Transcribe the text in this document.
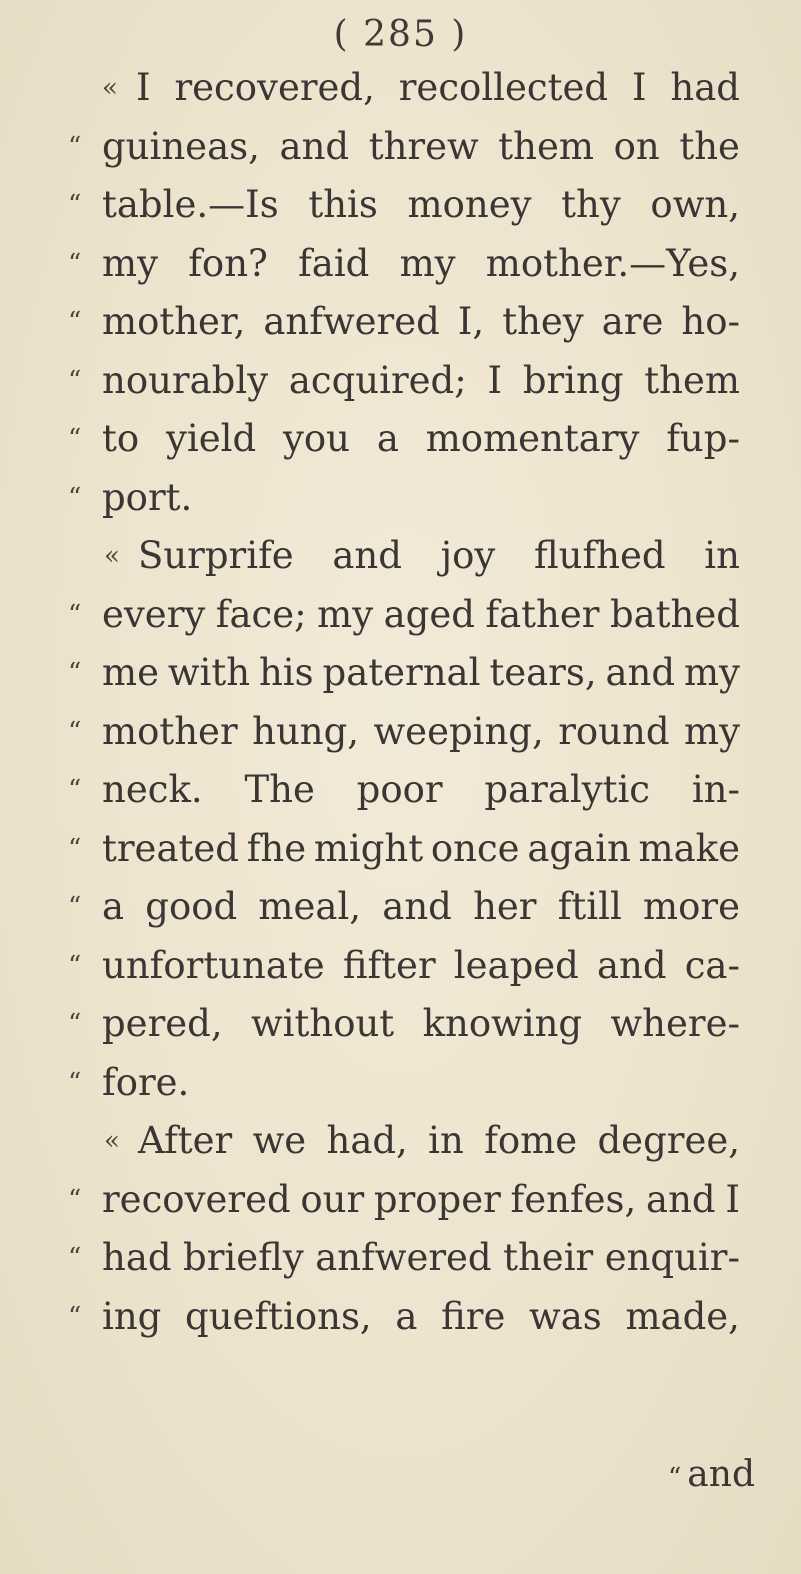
( 285 )
« I recovered, recollected I had
“ guineas, and threw them on the
“ table.—Is this money thy own,
“ my fon? faid my mother.—Yes,
“ mother, anfwered I, they are ho-
“ nourably acquired; I bring them
“ to yield you a momentary fup-
“ port.
« Surprife and joy flufhed in
“ every face; my aged father bathed
“ me with his paternal tears, and my
“ mother hung, weeping, round my
“ neck. The poor paralytic in-
“ treated fhe might once again make
“ a good meal, and her ftill more
“ unfortunate fifter leaped and ca-
“ pered, without knowing where-
“ fore.
« After we had, in fome degree,
“ recovered our proper fenfes, and I
“ had briefly anfwered their enquir-
“ ing queftions, a fire was made,
“ and
